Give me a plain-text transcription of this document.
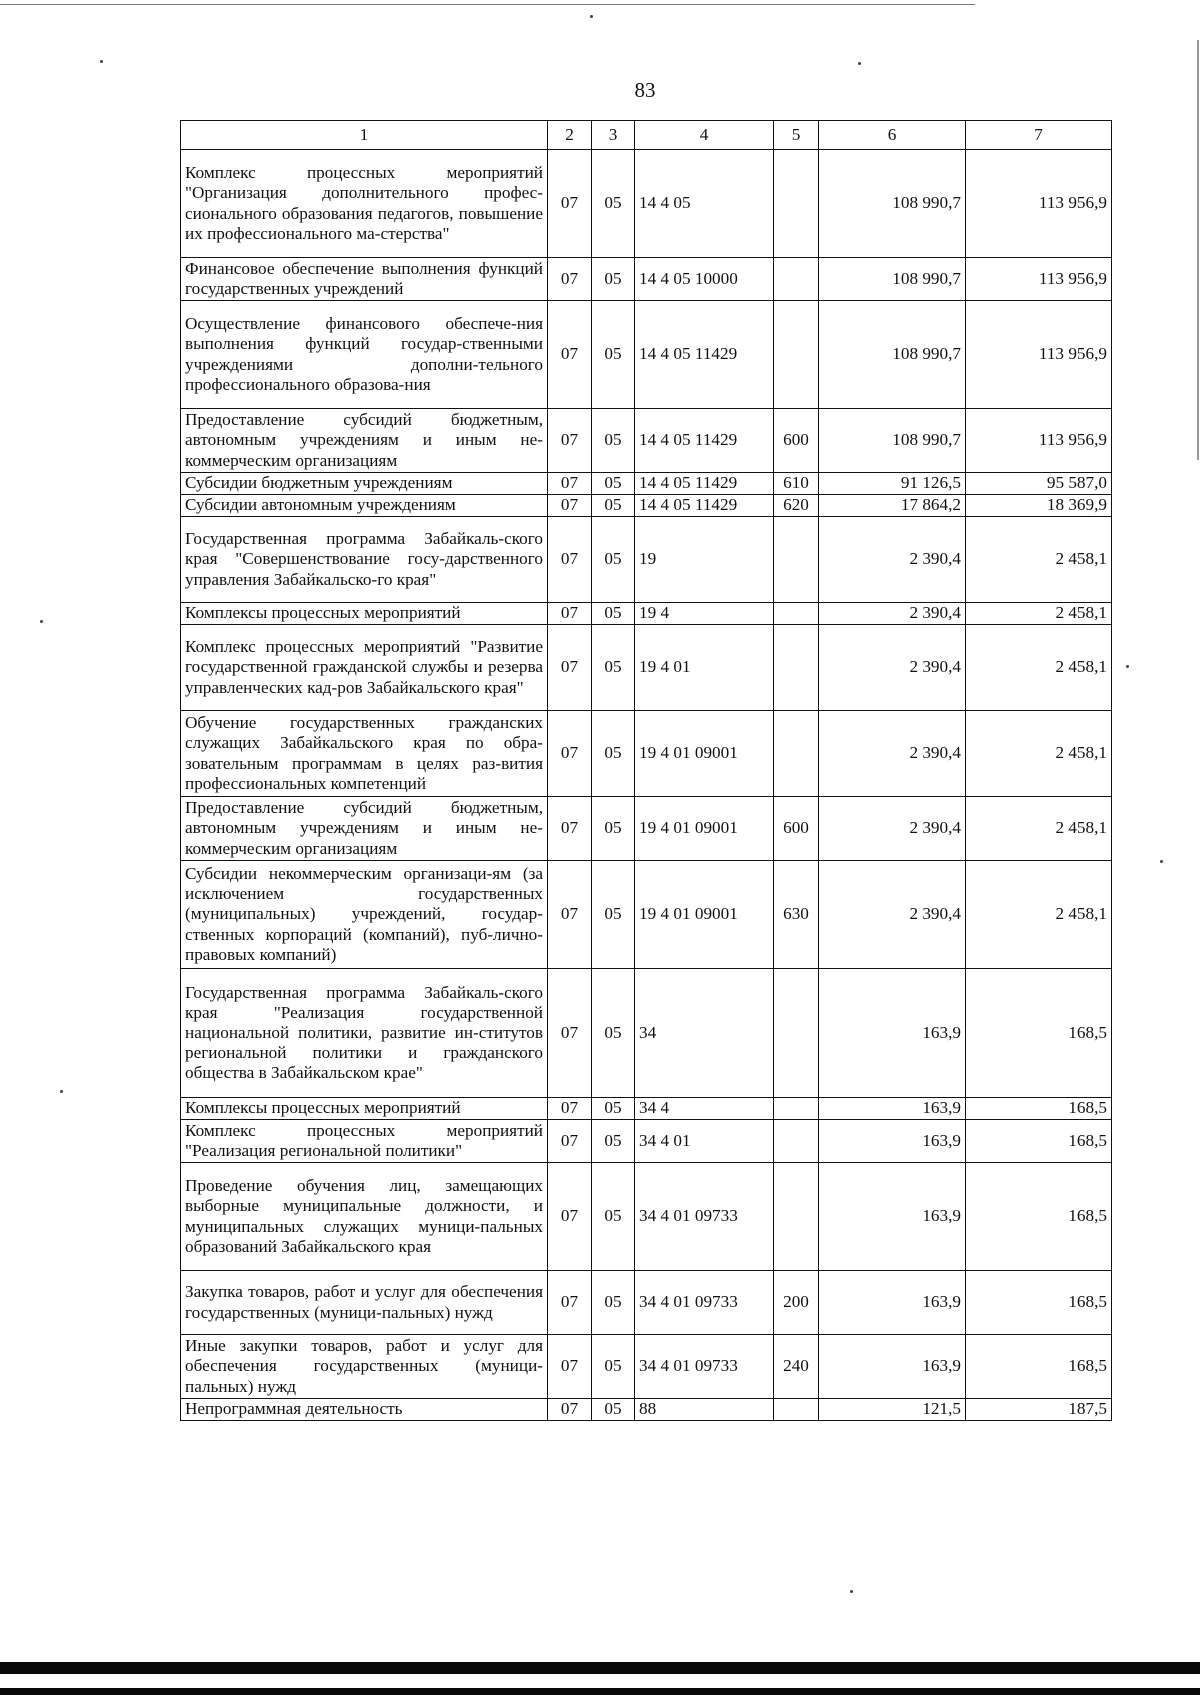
83
1	2	3	4	5	6	7
Комплекс процессных мероприятий "Организация дополнительного профес-сионального образования педагогов, повышение их профессионального ма-стерства"	07	05	14 4 05		108 990,7	113 956,9
Финансовое обеспечение выполнения функций государственных учреждений	07	05	14 4 05 10000		108 990,7	113 956,9
Осуществление финансового обеспече-ния выполнения функций государ-ственными учреждениями дополни-тельного профессионального образова-ния	07	05	14 4 05 11429		108 990,7	113 956,9
Предоставление субсидий бюджетным, автономным учреждениям и иным не-коммерческим организациям	07	05	14 4 05 11429	600	108 990,7	113 956,9
Субсидии бюджетным учреждениям	07	05	14 4 05 11429	610	91 126,5	95 587,0
Субсидии автономным учреждениям	07	05	14 4 05 11429	620	17 864,2	18 369,9
Государственная программа Забайкаль-ского края "Совершенствование госу-дарственного управления Забайкальско-го края"	07	05	19		2 390,4	2 458,1
Комплексы процессных мероприятий	07	05	19 4		2 390,4	2 458,1
Комплекс процессных мероприятий "Развитие государственной гражданской службы и резерва управленческих кад-ров Забайкальского края"	07	05	19 4 01		2 390,4	2 458,1
Обучение государственных гражданских служащих Забайкальского края по обра-зовательным программам в целях раз-вития профессиональных компетенций	07	05	19 4 01 09001		2 390,4	2 458,1
Предоставление субсидий бюджетным, автономным учреждениям и иным не-коммерческим организациям	07	05	19 4 01 09001	600	2 390,4	2 458,1
Субсидии некоммерческим организаци-ям (за исключением государственных (муниципальных) учреждений, государ-ственных корпораций (компаний), пуб-лично-правовых компаний)	07	05	19 4 01 09001	630	2 390,4	2 458,1
Государственная программа Забайкаль-ского края "Реализация государственной национальной политики, развитие ин-ститутов региональной политики и гражданского общества в Забайкальском крае"	07	05	34		163,9	168,5
Комплексы процессных мероприятий	07	05	34 4		163,9	168,5
Комплекс процессных мероприятий "Реализация региональной политики"	07	05	34 4 01		163,9	168,5
Проведение обучения лиц, замещающих выборные муниципальные должности, и муниципальных служащих муници-пальных образований Забайкальского края	07	05	34 4 01 09733		163,9	168,5
Закупка товаров, работ и услуг для обеспечения государственных (муници-пальных) нужд	07	05	34 4 01 09733	200	163,9	168,5
Иные закупки товаров, работ и услуг для обеспечения государственных (муници-пальных) нужд	07	05	34 4 01 09733	240	163,9	168,5
Непрограммная деятельность	07	05	88		121,5	187,5
